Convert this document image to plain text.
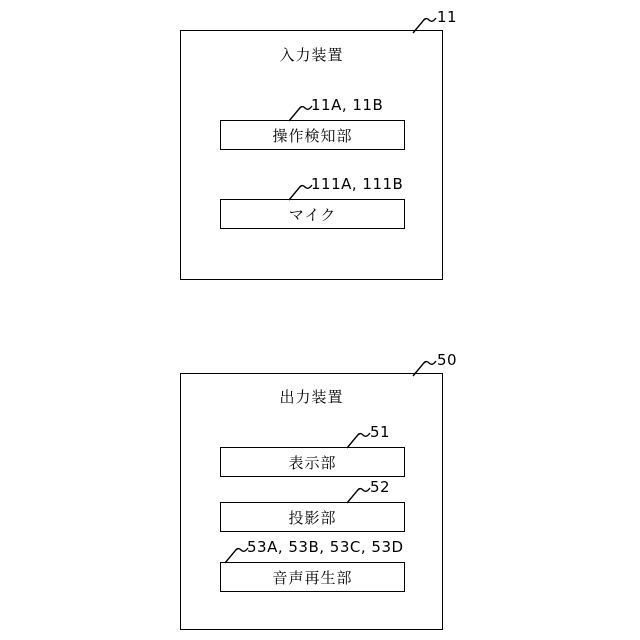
入力装置
11
操作検知部
11A, 11B
マイク
111A, 111B
出力装置
50
表示部
51
投影部
52
音声再生部
53A, 53B, 53C, 53D
